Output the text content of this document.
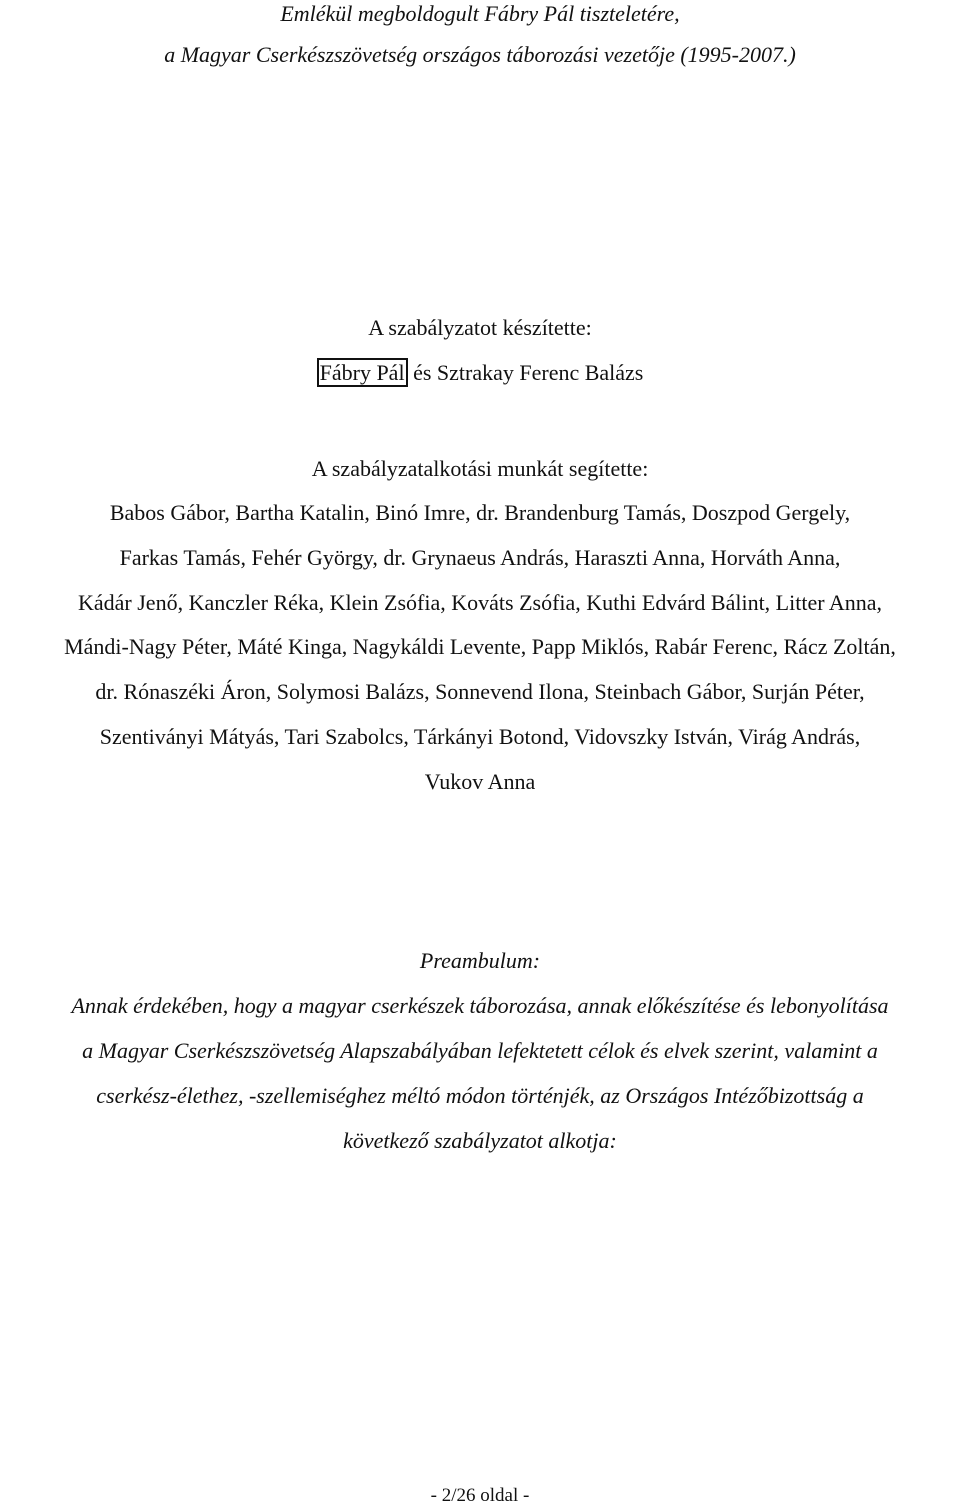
Emlékül megboldogult Fábry Pál tiszteletére,
a Magyar Cserkészszövetség országos táborozási vezetője (1995-2007.)
A szabályzatot készítette:
Fábry Pál és Sztrakay Ferenc Balázs
A szabályzatalkotási munkát segítette:
Babos Gábor, Bartha Katalin, Binó Imre, dr. Brandenburg Tamás, Doszpod Gergely,
Farkas Tamás, Fehér György, dr. Grynaeus András, Haraszti Anna, Horváth Anna,
Kádár Jenő, Kanczler Réka, Klein Zsófia, Kováts Zsófia, Kuthi Edvárd Bálint, Litter Anna,
Mándi-Nagy Péter, Máté Kinga, Nagykáldi Levente, Papp Miklós, Rabár Ferenc, Rácz Zoltán,
dr. Rónaszéki Áron, Solymosi Balázs, Sonnevend Ilona, Steinbach Gábor, Surján Péter,
Szentiványi Mátyás, Tari Szabolcs, Tárkányi Botond, Vidovszky István, Virág András,
Vukov Anna
Preambulum:
Annak érdekében, hogy a magyar cserkészek táborozása, annak előkészítése és lebonyolítása
a Magyar Cserkészszövetség Alapszabályában lefektetett célok és elvek szerint, valamint a
cserkész-élethez, -szellemiséghez méltó módon történjék, az Országos Intézőbizottság a
következő szabályzatot alkotja:
- 2/26 oldal -
